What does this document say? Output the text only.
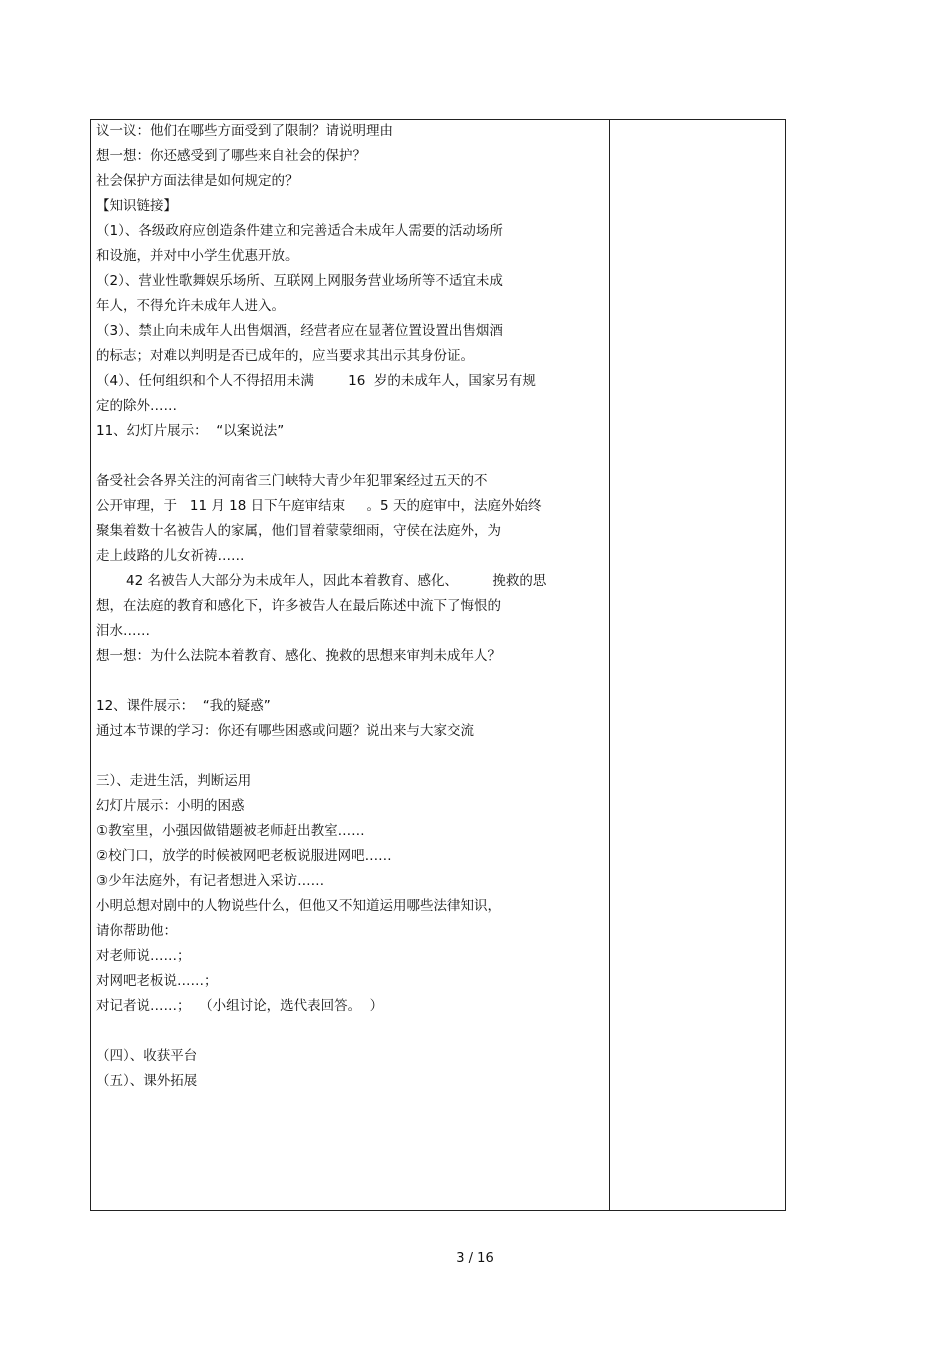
议一议：他们在哪些方面受到了限制？请说明理由
想一想：你还感受到了哪些来自社会的保护？
社会保护方面法律是如何规定的？
【知识链接】
（1）、各级政府应创造条件建立和完善适合未成年人需要的活动场所
和设施，并对中小学生优惠开放。
（2）、营业性歌舞娱乐场所、互联网上网服务营业场所等不适宜未成
年人，不得允许未成年人进入。
（3）、禁止向未成年人出售烟酒，经营者应在显著位置设置出售烟酒
的标志；对难以判明是否已成年的，应当要求其出示其身份证。
（4）、任何组织和个人不得招用未满        16  岁的未成年人，国家另有规
定的除外……
11、幻灯片展示：  “以案说法”
备受社会各界关注的河南省三门峡特大青少年犯罪案经过五天的不
公开审理，于   11 月 18 日下午庭审结束     。5 天的庭审中，法庭外始终
聚集着数十名被告人的家属，他们冒着蒙蒙细雨，守侯在法庭外，为
走上歧路的儿女祈祷……
42 名被告人大部分为未成年人，因此本着教育、感化、        挽救的思
想，在法庭的教育和感化下，许多被告人在最后陈述中流下了悔恨的
泪水……
想一想：为什么法院本着教育、感化、挽救的思想来审判未成年人？
12、课件展示：  “我的疑惑”
通过本节课的学习：你还有哪些困惑或问题？说出来与大家交流
三）、走进生活，判断运用
幻灯片展示：小明的困惑
①教室里，小强因做错题被老师赶出教室……
②校门口，放学的时候被网吧老板说服进网吧……
③少年法庭外，有记者想进入采访……
小明总想对剧中的人物说些什么，但他又不知道运用哪些法律知识，
请你帮助他：
对老师说……；
对网吧老板说……；
对记者说……；  （小组讨论，选代表回答。  ）
（四）、收获平台
（五）、课外拓展
3 / 16
